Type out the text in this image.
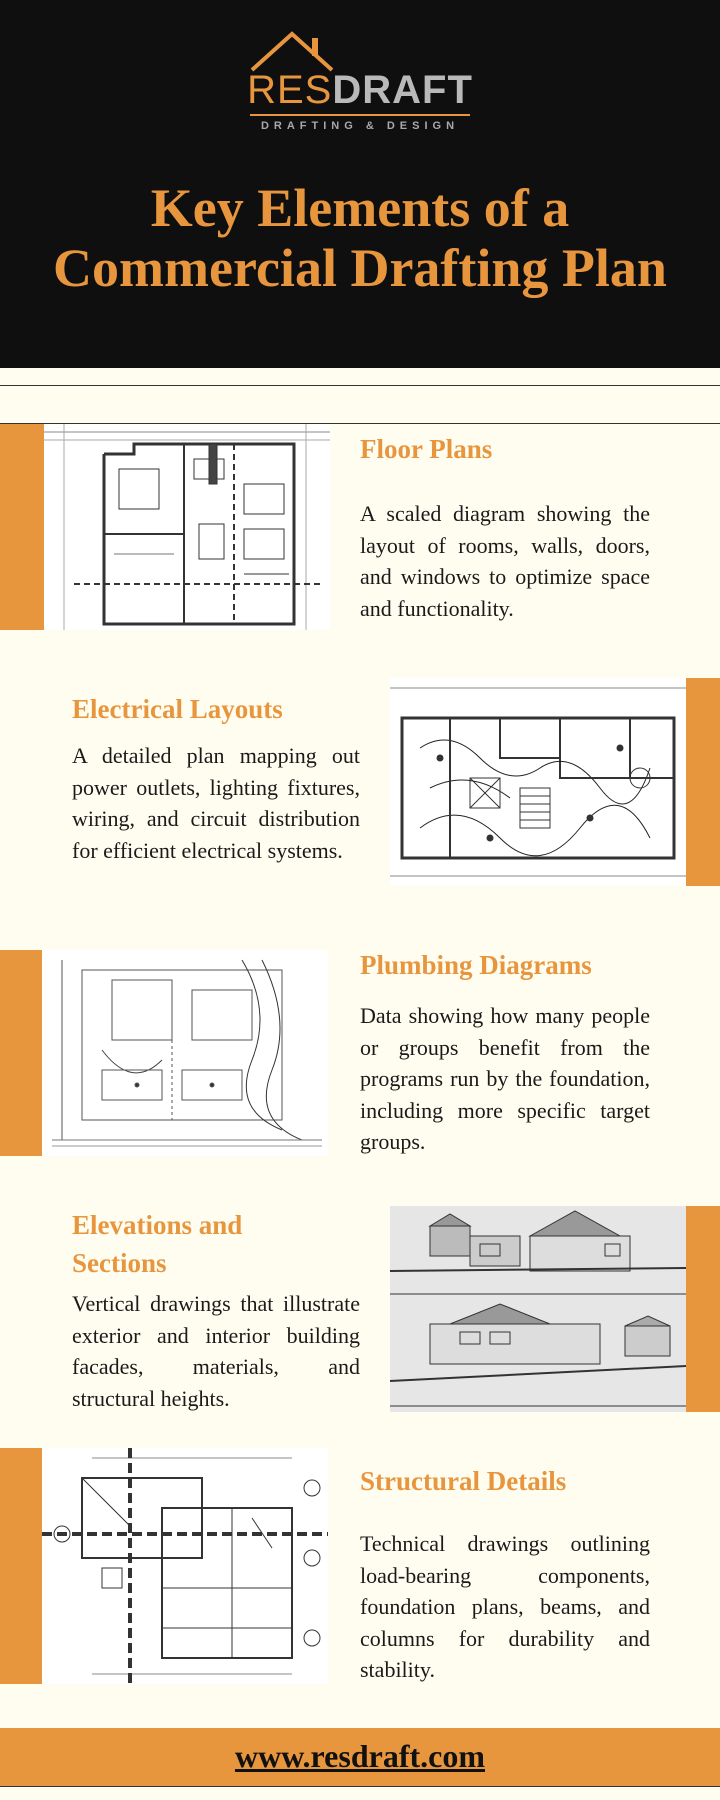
RESDRAFT
DRAFTING & DESIGN
Key Elements of a
Commercial Drafting Plan
Floor Plans
A scaled diagram showing the layout of rooms, walls, doors, and windows to optimize space and functionality.
Electrical Layouts
A detailed plan mapping out power outlets, lighting fixtures, wiring, and circuit distribution for efficient electrical systems.
Plumbing Diagrams
Data showing how many people or groups benefit from the programs run by the foundation, including more specific target groups.
Elevations and
Sections
Vertical drawings that illustrate exterior and interior building facades, materials, and structural heights.
Structural Details
Technical drawings outlining load-bearing components, foundation plans, beams, and columns for durability and stability.
www.resdraft.com
